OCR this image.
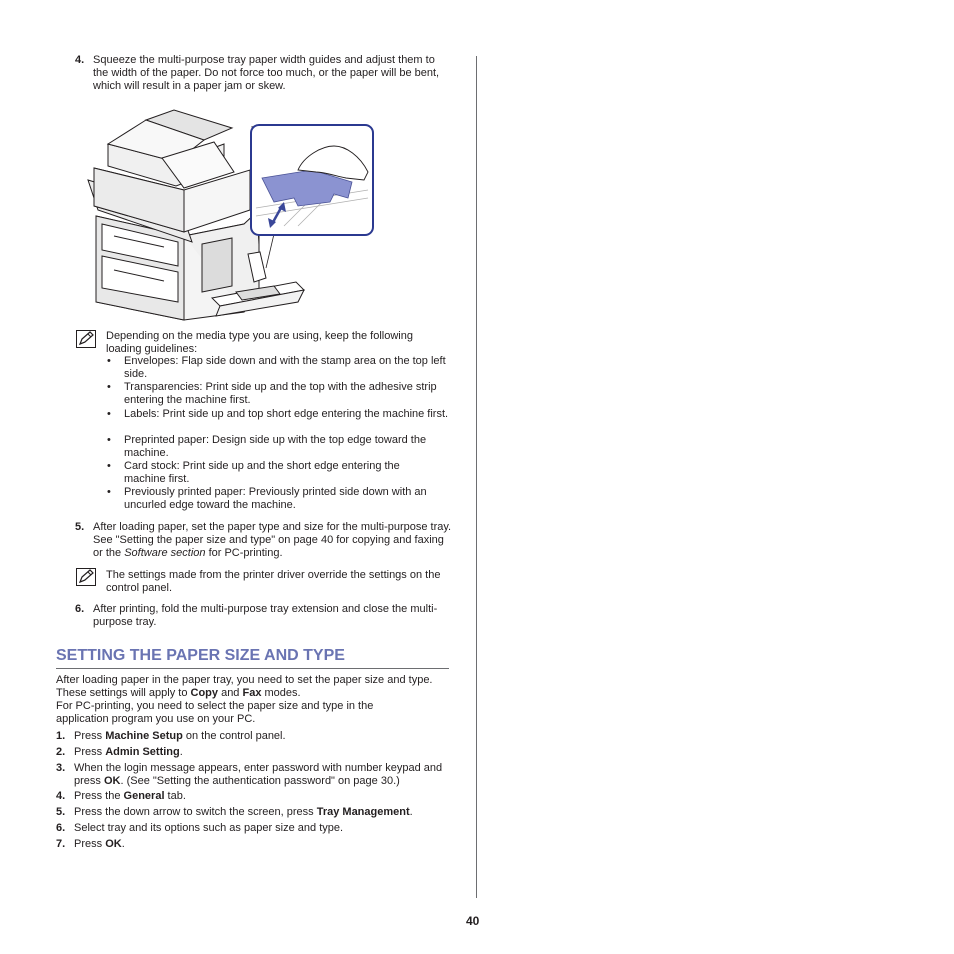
4. Squeeze the multi-purpose tray paper width guides and adjust them to the width of the paper. Do not force too much, or the paper will be bent, which will result in a paper jam or skew.
Depending on the media type you are using, keep the following loading guidelines:
• Envelopes: Flap side down and with the stamp area on the top left side.
• Transparencies: Print side up and the top with the adhesive strip entering the machine first.
• Labels: Print side up and top short edge entering the machine first.
• Preprinted paper: Design side up with the top edge toward the machine.
• Card stock: Print side up and the short edge entering the machine first.
• Previously printed paper: Previously printed side down with an uncurled edge toward the machine.
5. After loading paper, set the paper type and size for the multi-purpose tray. See "Setting the paper size and type" on page 40 for copying and faxing or the Software section for PC-printing.
The settings made from the printer driver override the settings on the control panel.
6. After printing, fold the multi-purpose tray extension and close the multi-purpose tray.
SETTING THE PAPER SIZE AND TYPE
After loading paper in the paper tray, you need to set the paper size and type. These settings will apply to Copy and Fax modes.
For PC-printing, you need to select the paper size and type in the application program you use on your PC.
1. Press Machine Setup on the control panel.
2. Press Admin Setting.
3. When the login message appears, enter password with number keypad and press OK. (See "Setting the authentication password" on page 30.)
4. Press the General tab.
5. Press the down arrow to switch the screen, press Tray Management.
6. Select tray and its options such as paper size and type.
7. Press OK.
40
